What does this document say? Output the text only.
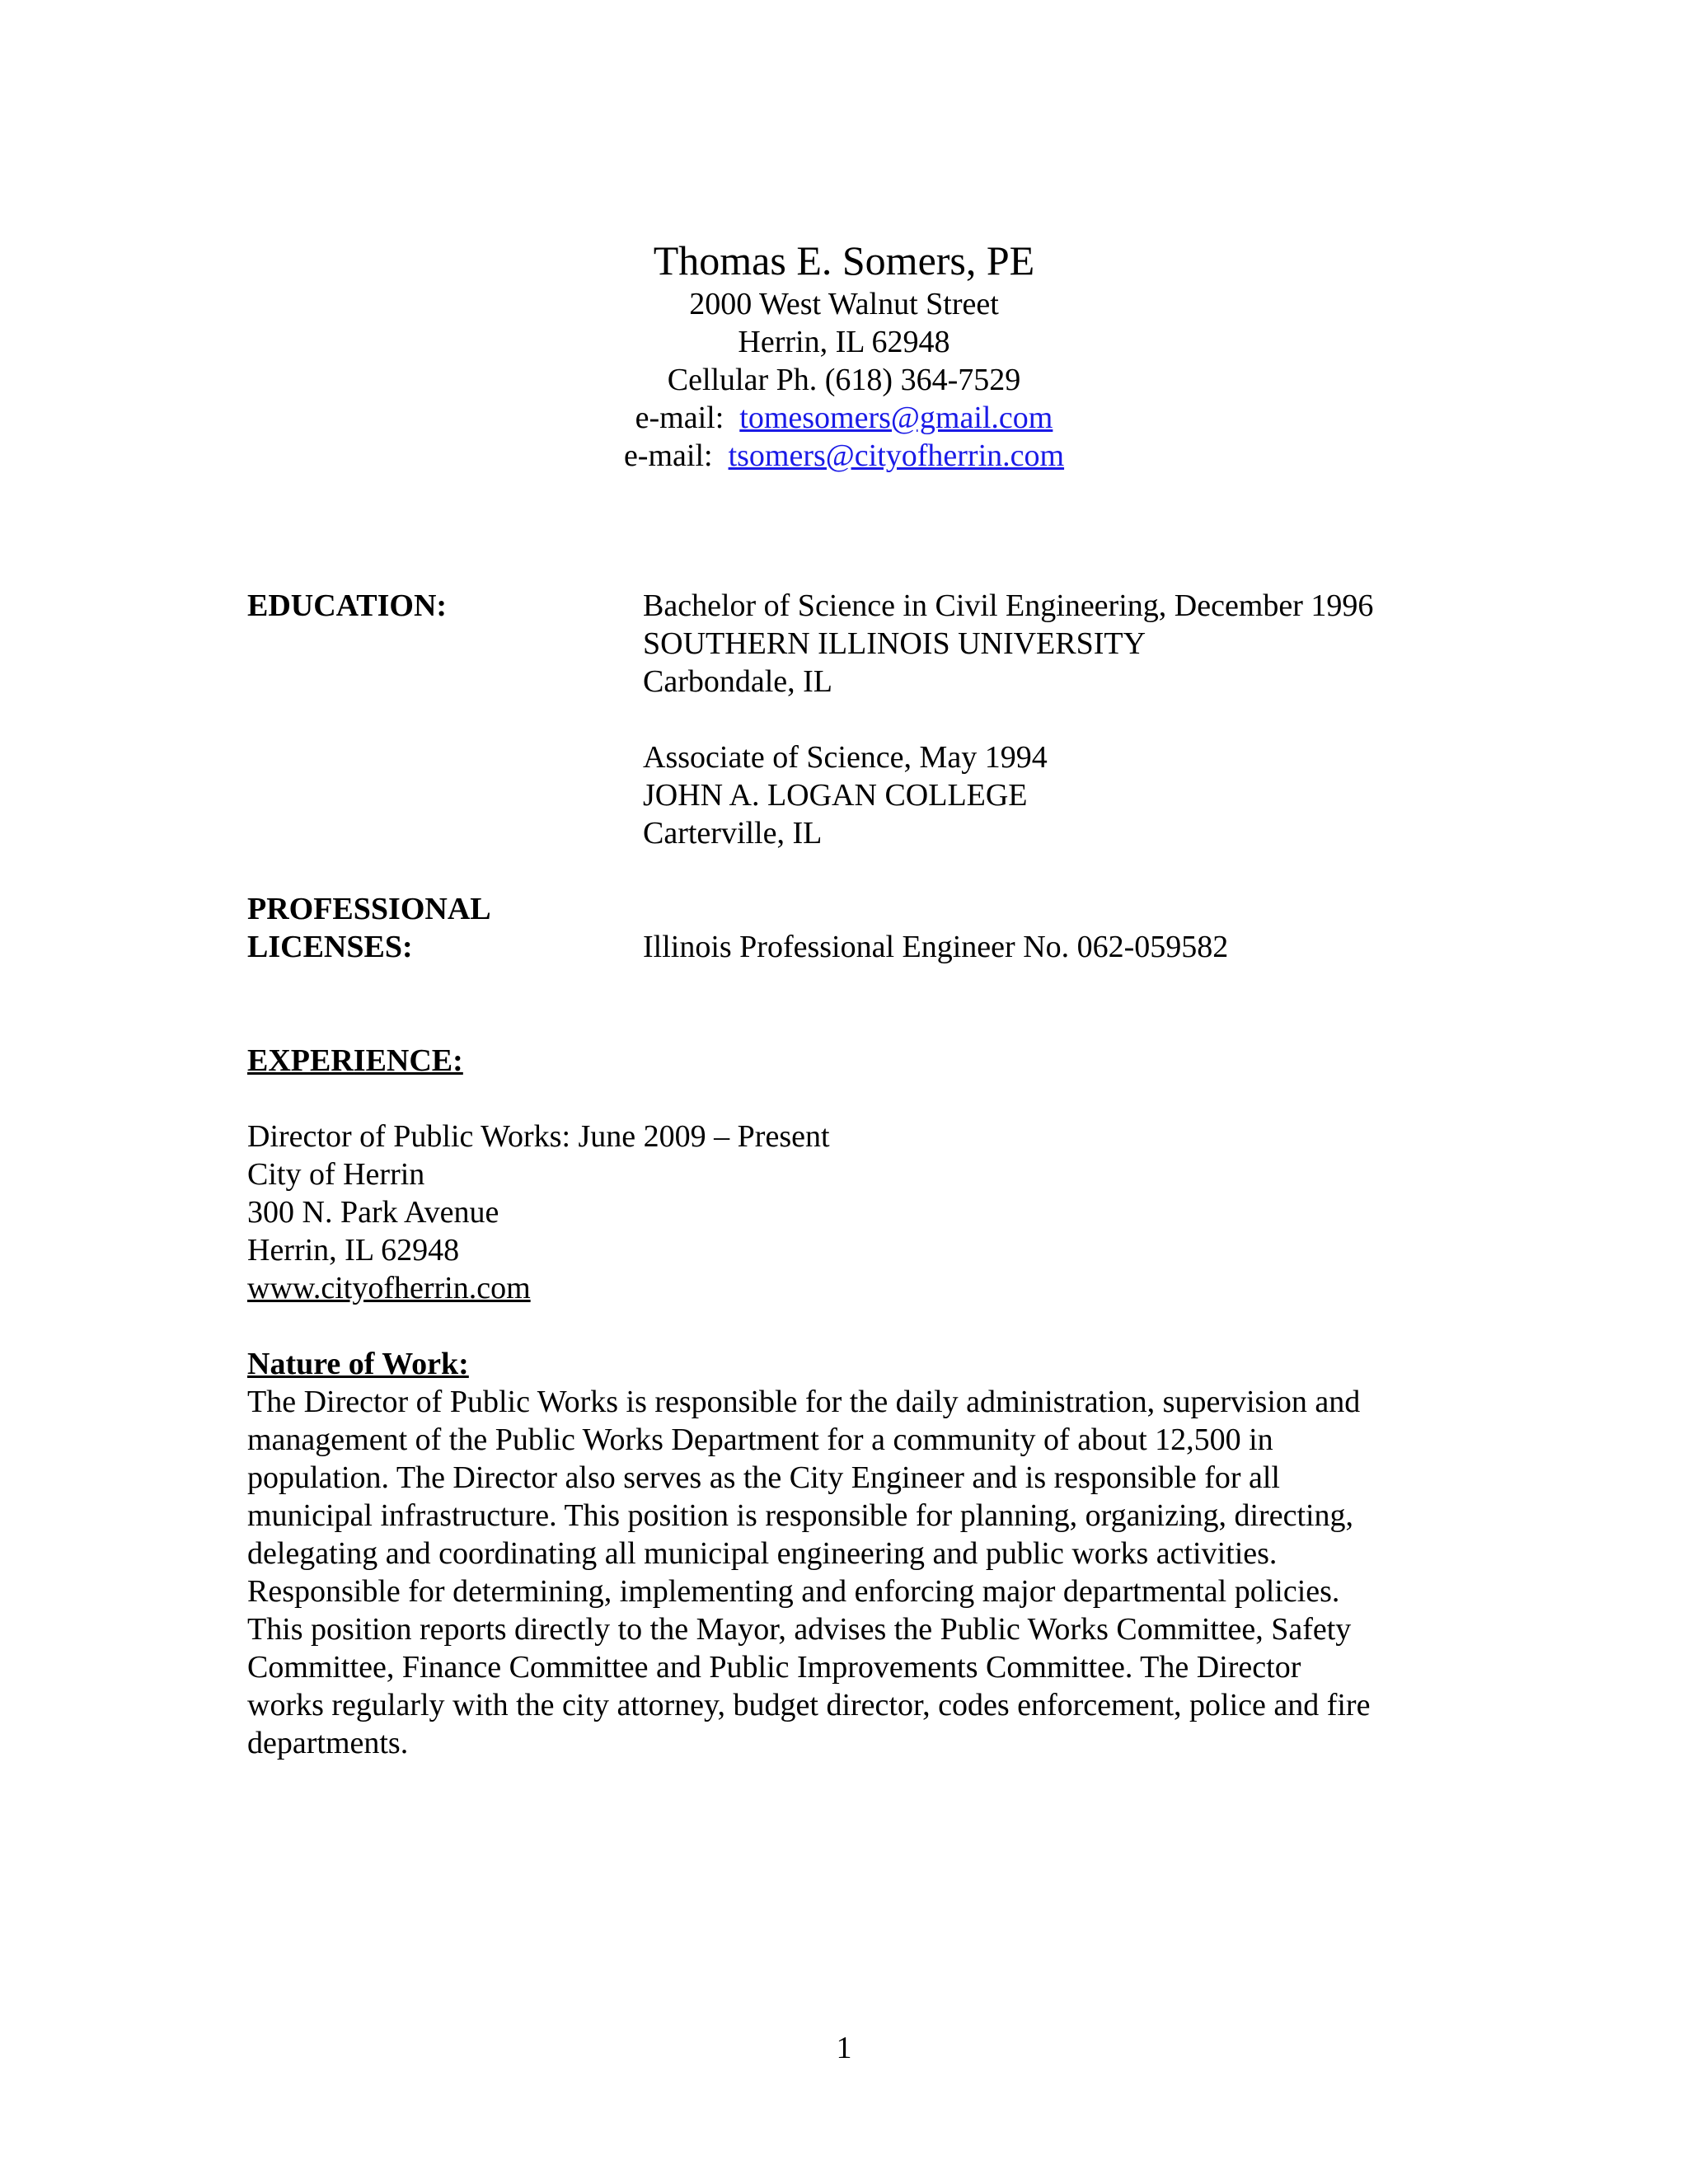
Thomas E. Somers, PE
2000 West Walnut Street
Herrin, IL 62948
Cellular Ph. (618) 364-7529
e-mail: tomesomers@gmail.com
e-mail: tsomers@cityofherrin.com
EDUCATION:	Bachelor of Science in Civil Engineering, December 1996
SOUTHERN ILLINOIS UNIVERSITY
Carbondale, IL
Associate of Science, May 1994
JOHN A. LOGAN COLLEGE
Carterville, IL
PROFESSIONAL
LICENSES:	Illinois Professional Engineer No. 062-059582
EXPERIENCE:
Director of Public Works: June 2009 – Present
City of Herrin
300 N. Park Avenue
Herrin, IL 62948
www.cityofherrin.com
Nature of Work:
The Director of Public Works is responsible for the daily administration, supervision and
management of the Public Works Department for a community of about 12,500 in
population. The Director also serves as the City Engineer and is responsible for all
municipal infrastructure. This position is responsible for planning, organizing, directing,
delegating and coordinating all municipal engineering and public works activities.
Responsible for determining, implementing and enforcing major departmental policies.
This position reports directly to the Mayor, advises the Public Works Committee, Safety
Committee, Finance Committee and Public Improvements Committee. The Director
works regularly with the city attorney, budget director, codes enforcement, police and fire
departments.
1
